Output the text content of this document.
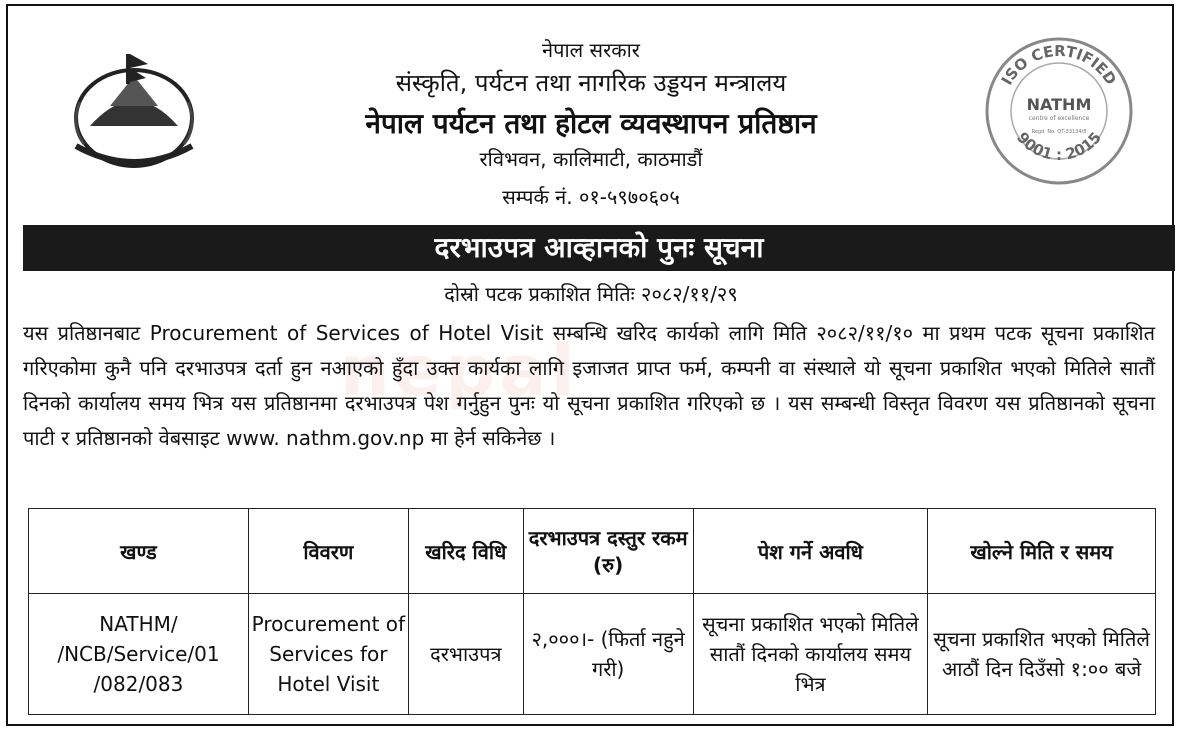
नेपाल सरकार
संस्कृति, पर्यटन तथा नागरिक उड्डयन मन्त्रालय
नेपाल पर्यटन तथा होटल व्यवस्थापन प्रतिष्ठान
रविभवन, कालिमाटी, काठमाडौं
सम्पर्क नं. ०१-५९७०६०५
ISO CERTIFIED
9001 : 2015
NATHM
centre of excellence
Regd. No. QT-33134/8
दरभाउपत्र आव्हानको पुनः सूचना
दोस्रो पटक प्रकाशित मितिः २०८२/११/२९
nepal
यस प्रतिष्ठानबाट Procurement of Services of Hotel Visit सम्बन्धि खरिद कार्यको लागि मिति २०८२/११/१० मा प्रथम पटक सूचना प्रकाशित गरिएकोमा कुनै पनि दरभाउपत्र दर्ता हुन नआएको हुँदा उक्त कार्यका लागि इजाजत प्राप्त फर्म, कम्पनी वा संस्थाले यो सूचना प्रकाशित भएको मितिले सातौं दिनको कार्यालय समय भित्र यस प्रतिष्ठानमा दरभाउपत्र पेश गर्नुहुन पुनः यो सूचना प्रकाशित गरिएको छ । यस सम्बन्धी विस्तृत विवरण यस प्रतिष्ठानको सूचना पाटी र प्रतिष्ठानको वेबसाइट www. nathm.gov.np मा हेर्न सकिनेछ ।
खण्ड	विवरण	खरिद विधि	दरभाउपत्र दस्तुर रकम (रु)	पेश गर्ने अवधि	खोल्ने मिति र समय
NATHM/ /NCB/Service/01 /082/083	Procurement of Services for Hotel Visit	दरभाउपत्र	२,०००।- (फिर्ता नहुने गरी)	सूचना प्रकाशित भएको मितिले सातौं दिनको कार्यालय समय भित्र	सूचना प्रकाशित भएको मितिले आठौं दिन दिउँसो १:०० बजे
